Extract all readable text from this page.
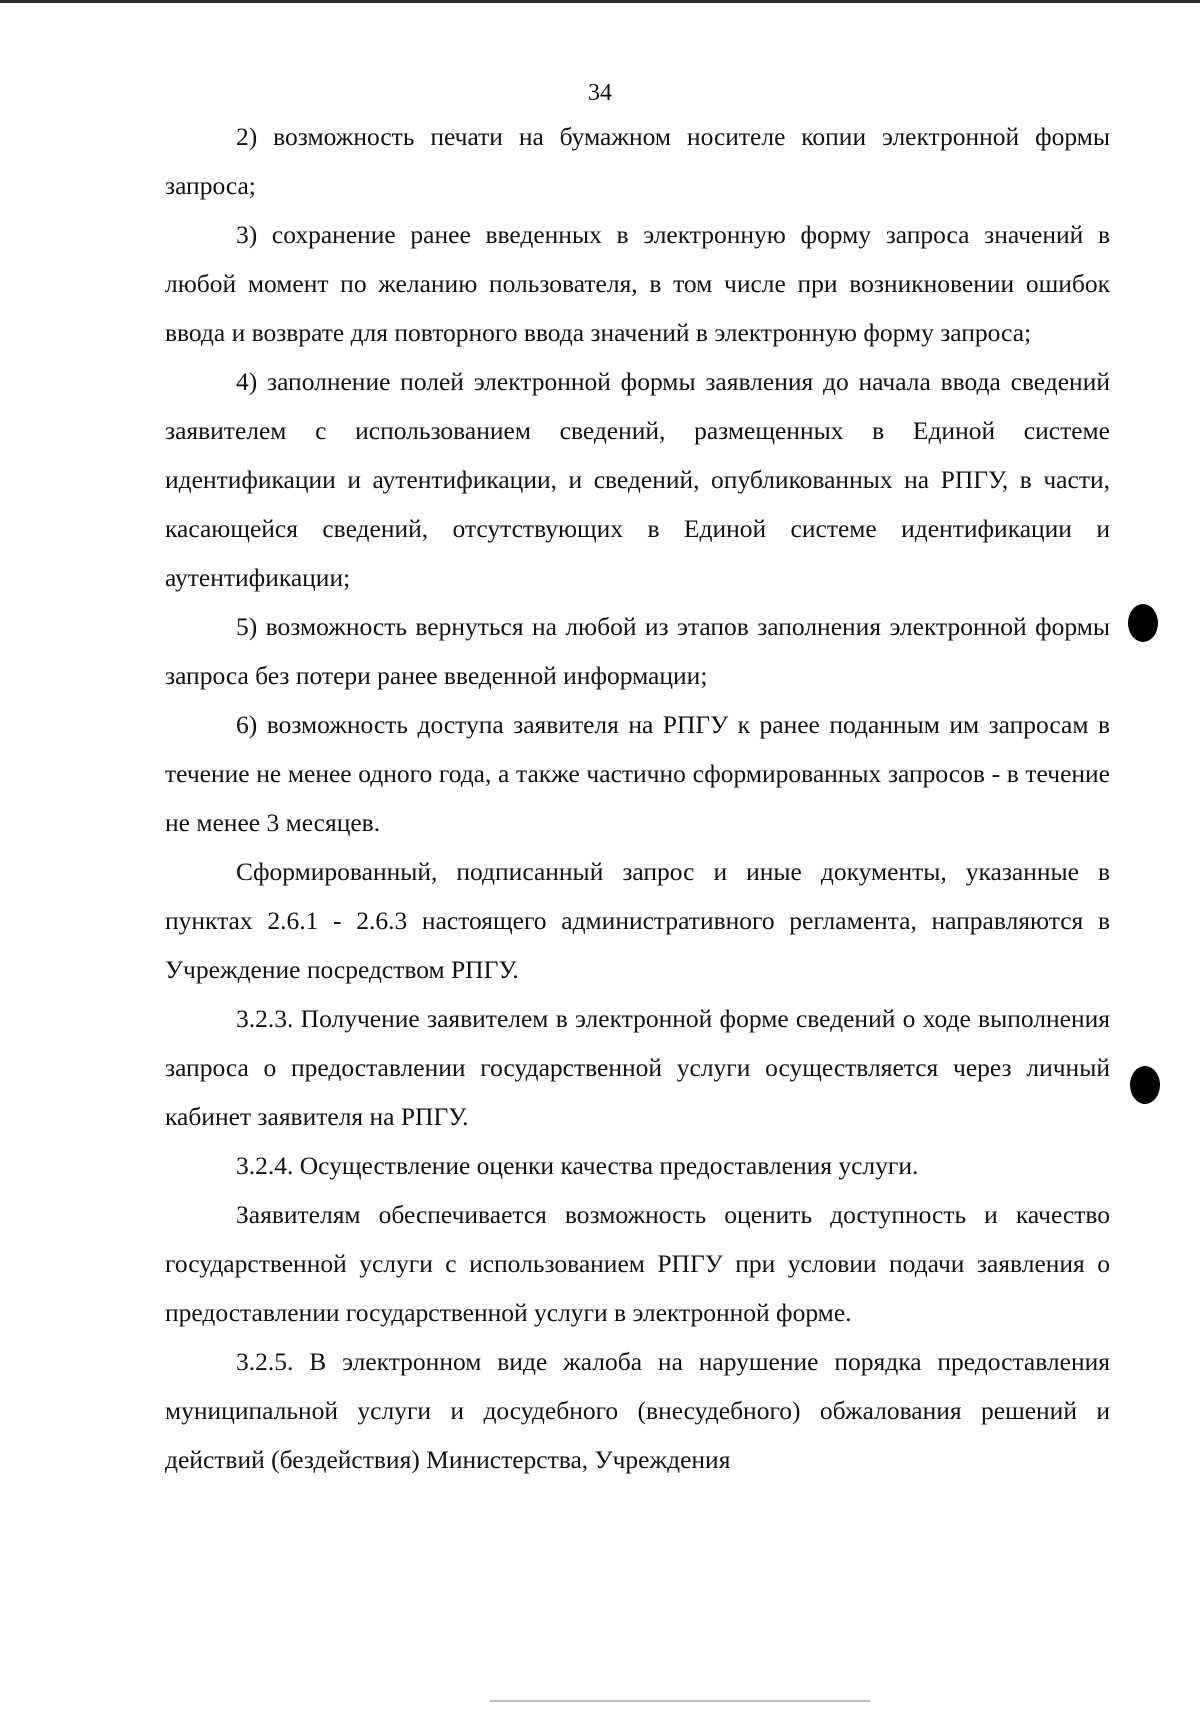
34

2) возможность печати на бумажном носителе копии электронной формы запроса;

3) сохранение ранее введенных в электронную форму запроса значений в любой момент по желанию пользователя, в том числе при возникновении ошибок ввода и возврате для повторного ввода значений в электронную форму запроса;

4) заполнение полей электронной формы заявления до начала ввода сведений заявителем с использованием сведений, размещенных в Единой системе идентификации и аутентификации, и сведений, опубликованных на РПГУ, в части, касающейся сведений, отсутствующих в Единой системе идентификации и аутентификации;

5) возможность вернуться на любой из этапов заполнения электронной формы запроса без потери ранее введенной информации;

6) возможность доступа заявителя на РПГУ к ранее поданным им запросам в течение не менее одного года, а также частично сформированных запросов - в течение не менее 3 месяцев.

Сформированный, подписанный запрос и иные документы, указанные в пунктах 2.6.1 - 2.6.3 настоящего административного регламента, направляются в Учреждение посредством РПГУ.

3.2.3. Получение заявителем в электронной форме сведений о ходе выполнения запроса о предоставлении государственной услуги осуществляется через личный кабинет заявителя на РПГУ.

3.2.4. Осуществление оценки качества предоставления услуги.

Заявителям обеспечивается возможность оценить доступность и качество государственной услуги с использованием РПГУ при условии подачи заявления о предоставлении государственной услуги в электронной форме.

3.2.5. В электронном виде жалоба на нарушение порядка предоставления муниципальной услуги и досудебного (внесудебного) обжалования решений и действий (бездействия) Министерства, Учреждения
